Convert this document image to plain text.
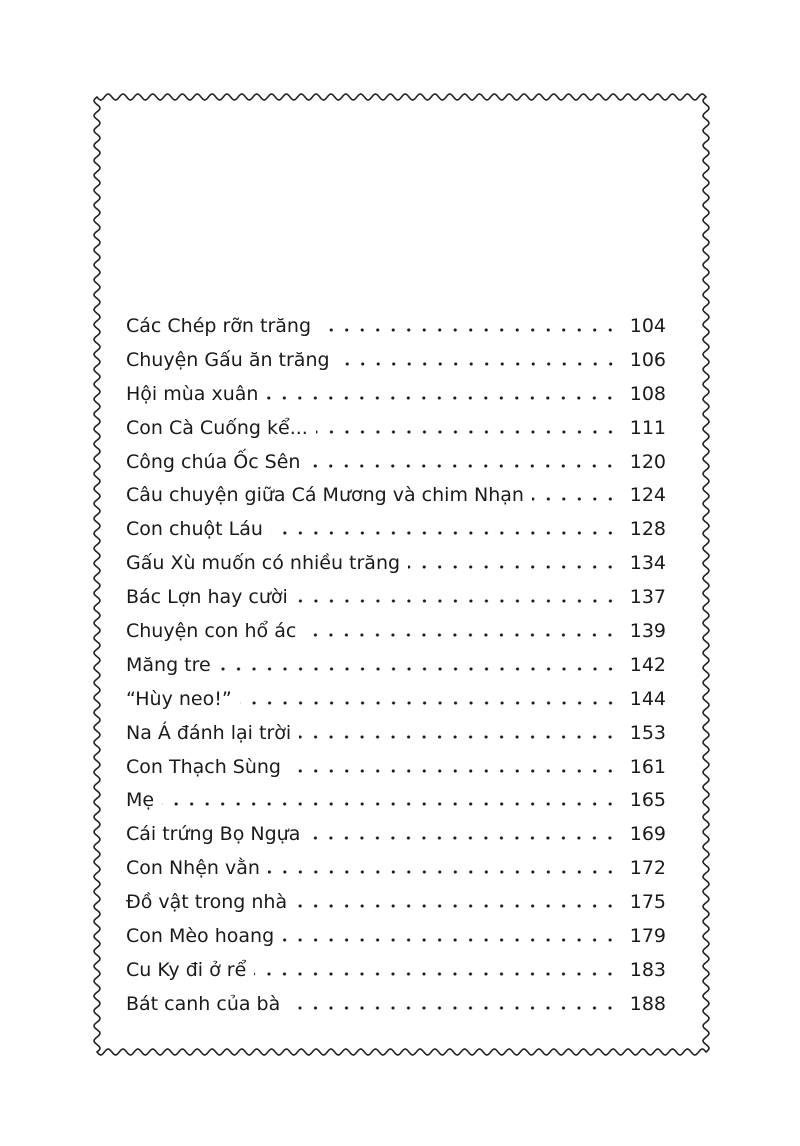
Các Chép rỡn trăng	104
Chuyện Gấu ăn trăng	106
Hội mùa xuân	108
Con Cà Cuống kể...	111
Công chúa Ốc Sên	120
Câu chuyện giữa Cá Mương và chim Nhạn	124
Con chuột Láu	128
Gấu Xù muốn có nhiều trăng	134
Bác Lợn hay cười	137
Chuyện con hổ ác	139
Măng tre	142
“Hùy neo!”	144
Na Á đánh lại trời	153
Con Thạch Sùng	161
Mẹ	165
Cái trứng Bọ Ngựa	169
Con Nhện vằn	172
Đồ vật trong nhà	175
Con Mèo hoang	179
Cu Ky đi ở rể	183
Bát canh của bà	188
